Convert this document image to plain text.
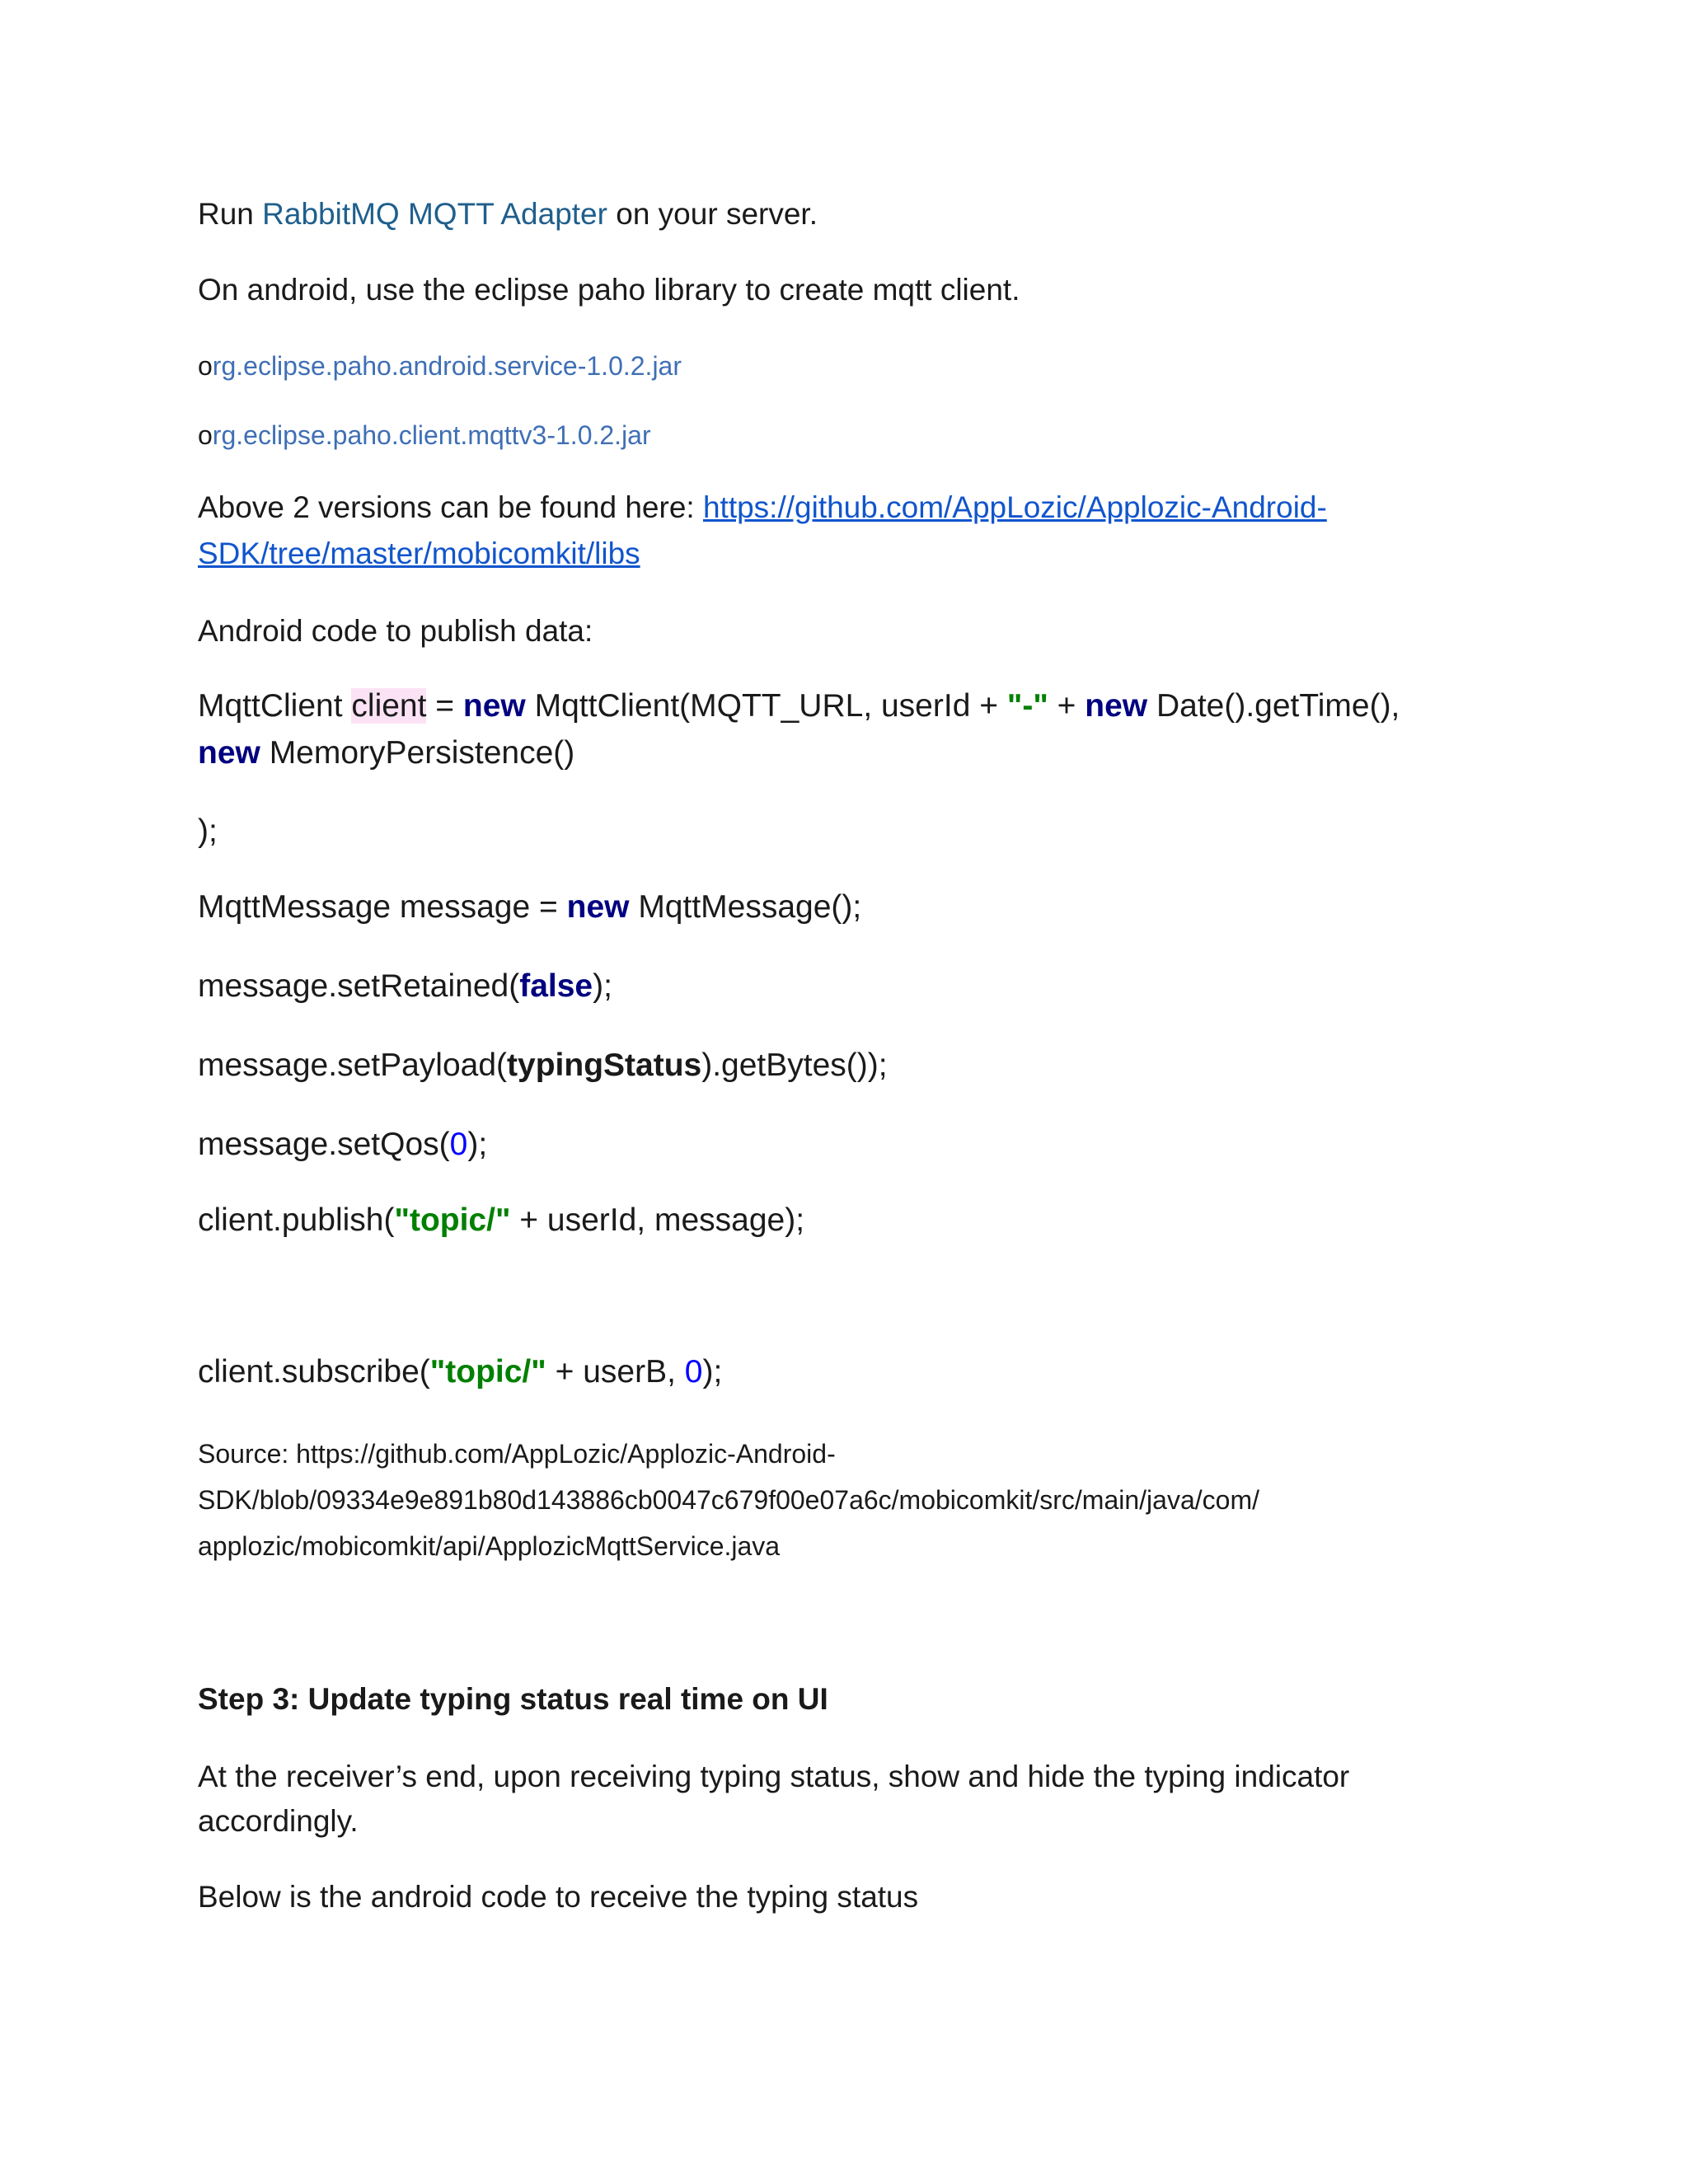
Run RabbitMQ MQTT Adapter on your server.
On android, use the eclipse paho library to create mqtt client.
org.eclipse.paho.android.service-1.0.2.jar
org.eclipse.paho.client.mqttv3-1.0.2.jar
Above 2 versions can be found here: https://github.com/AppLozic/Applozic-Android-
SDK/tree/master/mobicomkit/libs
Android code to publish data:
MqttClient client = new MqttClient(MQTT_URL, userId + "-" + new Date().getTime(),
new MemoryPersistence()
);
MqttMessage message = new MqttMessage();
message.setRetained(false);
message.setPayload(typingStatus).getBytes());
message.setQos(0);
client.publish("topic/" + userId, message);
client.subscribe("topic/" + userB, 0);
Source: https://github.com/AppLozic/Applozic-Android-
SDK/blob/09334e9e891b80d143886cb0047c679f00e07a6c/mobicomkit/src/main/java/com/
applozic/mobicomkit/api/ApplozicMqttService.java
Step 3: Update typing status real time on UI
At the receiver’s end, upon receiving typing status, show and hide the typing indicator
accordingly.
Below is the android code to receive the typing status
